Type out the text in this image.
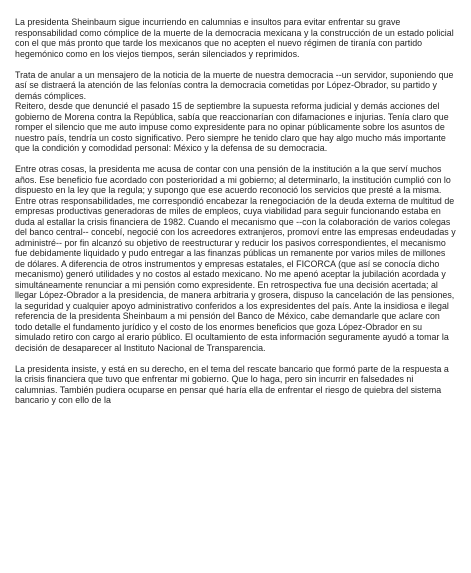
La presidenta Sheinbaum sigue incurriendo en calumnias e insultos para evitar enfrentar su grave responsabilidad como cómplice de la muerte de la democracia mexicana y la construcción de un estado policial con el que más pronto que tarde los mexicanos que no acepten el nuevo régimen de tiranía con partido hegemónico como en los viejos tiempos, serán silenciados y reprimidos.

Trata de anular a un mensajero de la noticia de la muerte de nuestra democracia --un servidor, suponiendo que así se distraerá la atención de las felonías contra la democracia cometidas por López-Obrador, su partido y demás cómplices.

Reitero, desde que denuncié el pasado 15 de septiembre la supuesta reforma judicial y demás acciones del gobierno de Morena contra la República, sabía que reaccionarían con difamaciones e injurias. Tenía claro que romper el silencio que me auto impuse como expresidente para no opinar públicamente sobre los asuntos de nuestro país, tendría un costo significativo. Pero siempre he tenido claro que hay algo mucho más importante que la condición y comodidad personal: México y la defensa de su democracia.

Entre otras cosas, la presidenta me acusa de contar con una pensión de la institución a la que serví muchos años. Ese beneficio fue acordado con posterioridad a mi gobierno; al determinarlo, la institución cumplió con lo dispuesto en la ley que la regula; y supongo que ese acuerdo reconoció los servicios que presté a la misma. Entre otras responsabilidades, me correspondió encabezar la renegociación de la deuda externa de multitud de empresas productivas generadoras de miles de empleos, cuya viabilidad para seguir funcionando estaba en duda al estallar la crisis financiera de 1982. Cuando el mecanismo que --con la colaboración de varios colegas del banco central-- concebí, negocié con los acreedores extranjeros, promoví entre las empresas endeudadas y administré-- por fin alcanzó su objetivo de reestructurar y reducir los pasivos correspondientes, el mecanismo fue debidamente liquidado y pudo entregar a las finanzas públicas un remanente por varios miles de millones de dólares. A diferencia de otros instrumentos y empresas estatales, el FICORCA (que así se conocía dicho mecanismo) generó utilidades y no costos al estado mexicano. No me apenó aceptar la jubilación acordada y simultáneamente renunciar a mi pensión como expresidente. En retrospectiva fue una decisión acertada; al llegar López-Obrador a la presidencia, de manera arbitraria y grosera, dispuso la cancelación de las pensiones, la seguridad y cualquier apoyo administrativo conferidos a los expresidentes del país. Ante la insidiosa e ilegal referencia de la presidenta Sheinbaum a mi pensión del Banco de México, cabe demandarle que aclare con todo detalle el fundamento jurídico y el costo de los enormes beneficios que goza López-Obrador en su simulado retiro con cargo al erario público. El ocultamiento de esta información seguramente ayudó a tomar la decisión de desaparecer al Instituto Nacional de Transparencia.

La presidenta insiste, y está en su derecho, en el tema del rescate bancario que formó parte de la respuesta a la crisis financiera que tuvo que enfrentar mi gobierno. Que lo haga, pero sin incurrir en falsedades ni calumnias. También pudiera ocuparse en pensar qué haría ella de enfrentar el riesgo de quiebra del sistema bancario y con ello de la
